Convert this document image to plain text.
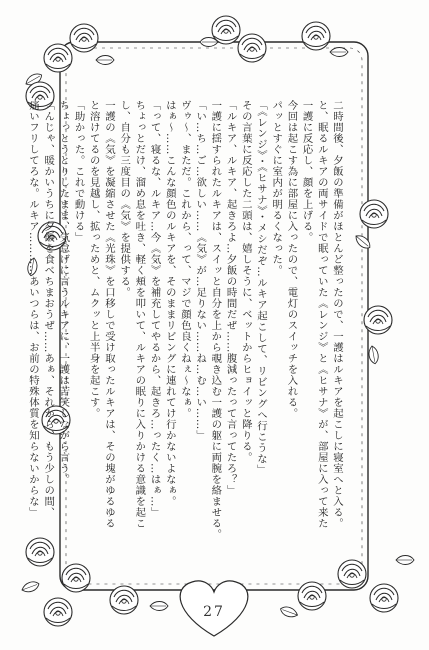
二時間後、夕飯の準備がほとんど整ったので、一護はルキアを起こしに寝室へと入る。
と、眠るルキアの両サイドで眠っていた《レンジ》と《ヒサナ》が、部屋に入って来た
一護に反応し、顔を上げる。
今回は起こす為に部屋に入ったので、電灯のスイッチを入れる。
パッとすぐに室内が明るくなった。
「《レンジ》・《ヒサナ》・メシだぞ…ルキア起こして、リビングへ行こうな」
その言葉に反応した二頭は、嬉しそうに、ベットからヒョイッと降りる。
「ルキア、ルキア、起きろよ…夕飯の時間だぜ……腹減ったって言ってたろ？」
一護に揺すられたルキアは、スイッと自分を上から覗き込む一護の躯に両腕を絡ませる。
「い…ち…ご…欲しい……《気》が…足りない……ね…む…い……」
ヴゥ～、まただ。これから、って、マジで顔色良くねぇ～なぁ。
はぁ～……こんな顔色のルキアを、そのままリビングに連れてけ行かないよなぁ。
「って、寝るな、ルキア…今《気》を補充してやるから、起きろ…ったく…はぁ…」
ちょっとだけ、溜め息を吐き、軽く頬を叩いて、ルキアの眠りに入りかける意識を起こ
し、自分も三度目の《気》を提供する。
一護の《気》を凝縮させた《光珠》を口移しで受け取ったルキアは、その塊がゆるゆる
と溶けてるのを見越し、拡っためと、ムクッと上半身を起こす。
「助かった。これで動ける」
ちょっとうとりしたまま、気怠げに言うルキアに、一護は苦笑しながら言う。
「んじゃ、暖かいうちに夕飯を食べちまおうぜ……あぁ、それから、もう少しの間、
痛いフリしてろな。ルキア…………あいつらは、お前の特殊体質を知らないからな」
27
